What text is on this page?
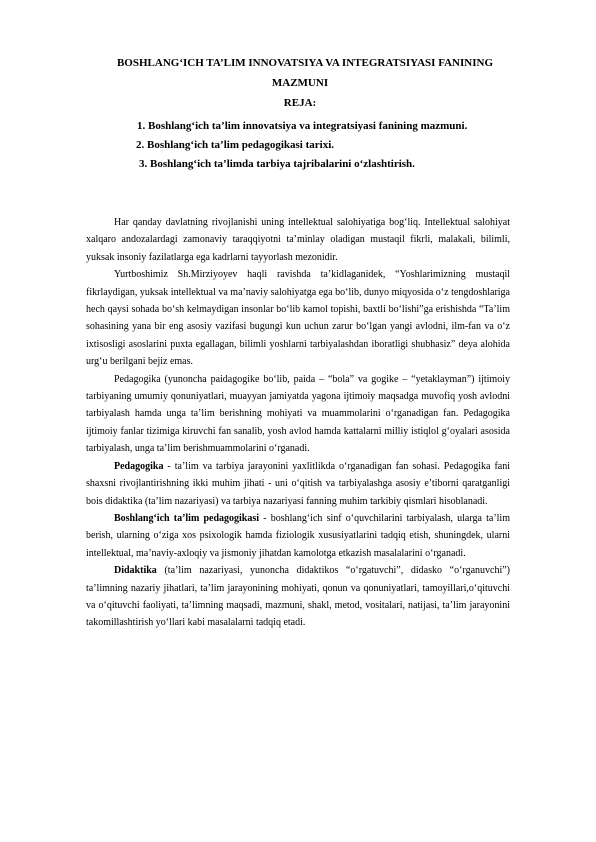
BOSHLANG‘ICH TA’LIM INNOVATSIYA VA INTEGRATSIYASI FANINING
MAZMUNI
REJA:
1. Boshlang‘ich ta’lim innovatsiya va integratsiyasi fanining mazmuni.
2. Boshlang‘ich ta’lim pedagogikasi tarixi.
3. Boshlang‘ich ta’limda tarbiya tajribalarini o‘zlashtirish.

Har qanday davlatning rivojlanishi uning intellektual salohiyatiga bog‘liq. Intellektual salohiyat xalqaro andozalardagi zamonaviy taraqqiyotni ta’minlay oladigan mustaqil fikrli, malakali, bilimli, yuksak insoniy fazilatlarga ega kadrlarni tayyorlash mezonidir.

Yurtboshimiz Sh.Mirziyoyev haqli ravishda ta’kidlaganidek, “Yoshlarimizning mustaqil fikrlaydigan, yuksak intellektual va ma’naviy salohiyatga ega bo‘lib, dunyo miqyosida o‘z tengdoshlariga hech qaysi sohada bo‘sh kelmaydigan insonlar bo‘lib kamol topishi, baxtli bo‘lishi”ga erishishda “Ta’lim sohasining yana bir eng asosiy vazifasi bugungi kun uchun zarur bo‘lgan yangi avlodni, ilm-fan va o‘z ixtisosligi asoslarini puxta egallagan, bilimli yoshlarni tarbiyalashdan iboratligi shubhasiz” deya alohida urg‘u berilgani bejiz emas.

Pedagogika (yunoncha paidagogike bo‘lib, paida – “bola” va gogike – “yetaklayman”) ijtimoiy tarbiyaning umumiy qonuniyatlari, muayyan jamiyatda yagona ijtimoiy maqsadga muvofiq yosh avlodni tarbiyalash hamda unga ta’lim berishning mohiyati va muammolarini o‘rganadigan fan. Pedagogika ijtimoiy fanlar tizimiga kiruvchi fan sanalib, yosh avlod hamda kattalarni milliy istiqlol g‘oyalari asosida tarbiyalash, unga ta’lim berishmuammolarini o‘rganadi.

Pedagogika - ta’lim va tarbiya jarayonini yaxlitlikda o‘rganadigan fan sohasi. Pedagogika fani shaxsni rivojlantirishning ikki muhim jihati - uni o‘qitish va tarbiyalashga asosiy e’tiborni qaratganligi bois didaktika (ta’lim nazariyasi) va tarbiya nazariyasi fanning muhim tarkibiy qismlari hisoblanadi.

Boshlang‘ich ta’lim pedagogikasi - boshlang‘ich sinf o‘quvchilarini tarbiyalash, ularga ta’lim berish, ularning o‘ziga xos psixologik hamda fiziologik xususiyatlarini tadqiq etish, shuningdek, ularni intellektual, ma’naviy-axloqiy va jismoniy jihatdan kamolotga etkazish masalalarini o‘rganadi.

Didaktika (ta’lim nazariyasi, yunoncha didaktikos “o‘rgatuvchi”, didasko “o‘rganuvchi”) ta’limning nazariy jihatlari, ta’lim jarayonining mohiyati, qonun va qonuniyatlari, tamoyillari,o‘qituvchi va o‘qituvchi faoliyati, ta’limning maqsadi, mazmuni, shakl, metod, vositalari, natijasi, ta’lim jarayonini takomillashtirish yo‘llari kabi masalalarni tadqiq etadi.
